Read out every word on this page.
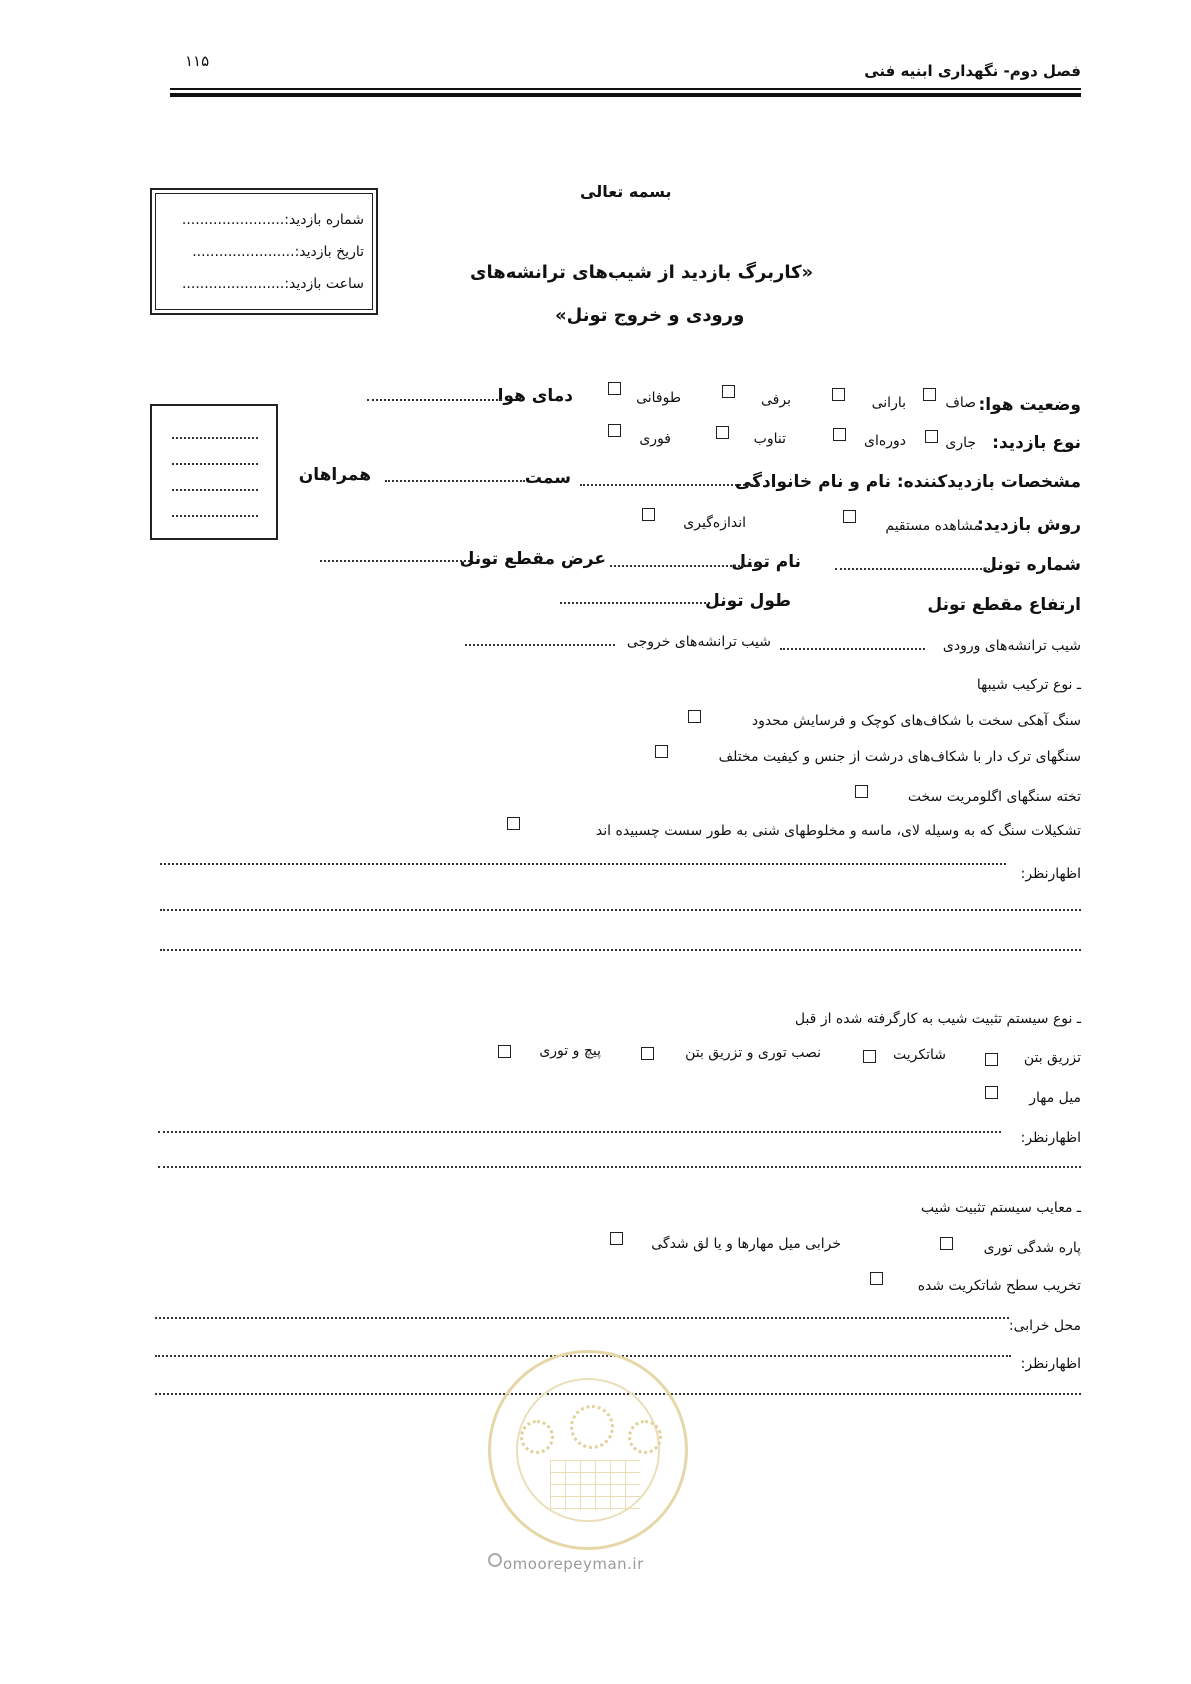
فصل دوم- نگهداری ابنیه فنی
۱۱۵
شماره بازدید:.......................
تاریخ بازدید:.......................
ساعت بازدید:.......................
بسمه تعالی
«کاربرگ بازدید از شیب‌های ترانشه‌های
ورودی و خروج تونل»
وضعیت هوا:
صاف
بارانی
برفی
طوفانی
دمای هوا
نوع بازدید:
جاری
دوره‌ای
تناوب
فوری
مشخصات بازدیدکننده: نام و نام خانوادگی
سمت
همراهان
روش بازدید:
مشاهده مستقیم
اندازه‌گیری
شماره تونل
نام تونل
عرض مقطع تونل
ارتفاع مقطع تونل
طول تونل
شیب ترانشه‌های ورودی
شیب ترانشه‌های خروجی
ـ نوع ترکیب شیبها
سنگ آهکی سخت با شکاف‌های کوچک و فرسایش محدود
سنگهای ترک دار با شکاف‌های درشت از جنس و کیفیت مختلف
تخته سنگهای اگلومریت سخت
تشکیلات سنگ که به وسیله لای، ماسه و مخلوطهای شنی به طور سست چسبیده اند
اظهارنظر:
ـ نوع سیستم تثبیت شیب به کارگرفته شده از قبل
تزریق بتن
شاتکریت
نصب توری و تزریق بتن
پیچ و توری
میل مهار
اظهارنظر:
ـ معایب سیستم تثبیت شیب
پاره شدگی توری
خرابی میل مهارها و یا لق شدگی
تخریب سطح شاتکریت شده
محل خرابی:
اظهارنظر:
omoorepeyman.ir
